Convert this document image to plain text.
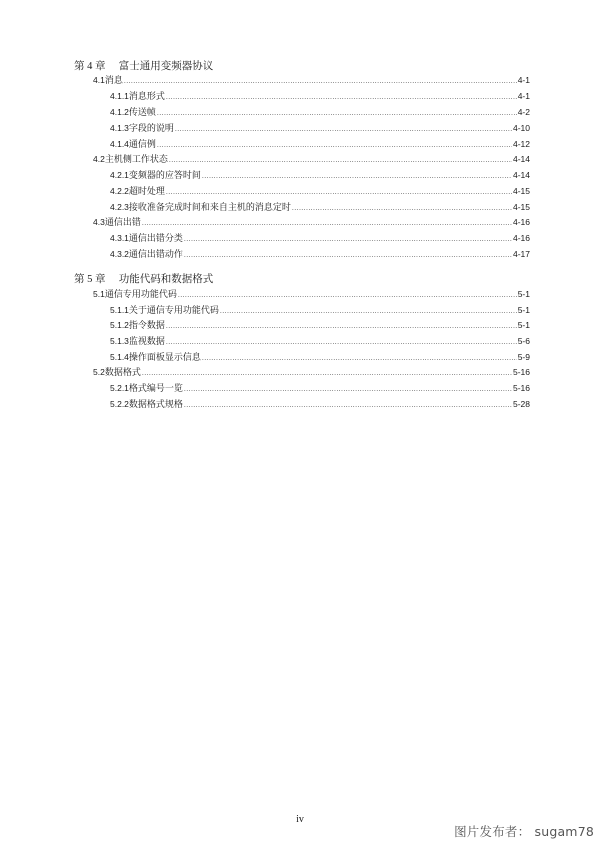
第 4 章 富士通用变频器协议
4.1 消息 .....	4-1
4.1.1 消息形式 .....	4-1
4.1.2 传送帧 .....	4-2
4.1.3 字段的说明 .....	4-10
4.1.4 通信例 .....	4-12
4.2 主机侧工作状态 .....	4-14
4.2.1 变频器的应答时间 .....	4-14
4.2.2 超时处理 .....	4-15
4.2.3 接收准备完成时间和来自主机的消息定时 .....	4-15
4.3 通信出错 .....	4-16
4.3.1 通信出错分类 .....	4-16
4.3.2 通信出错动作 .....	4-17
第 5 章 功能代码和数据格式
5.1 通信专用功能代码 .....	5-1
5.1.1 关于通信专用功能代码 .....	5-1
5.1.2 指令数据 .....	5-1
5.1.3 监视数据 .....	5-6
5.1.4 操作面板显示信息 .....	5-9
5.2 数据格式 .....	5-16
5.2.1 格式编号一览 .....	5-16
5.2.2 数据格式规格 .....	5-28
iv
图片发布者： sugam78
